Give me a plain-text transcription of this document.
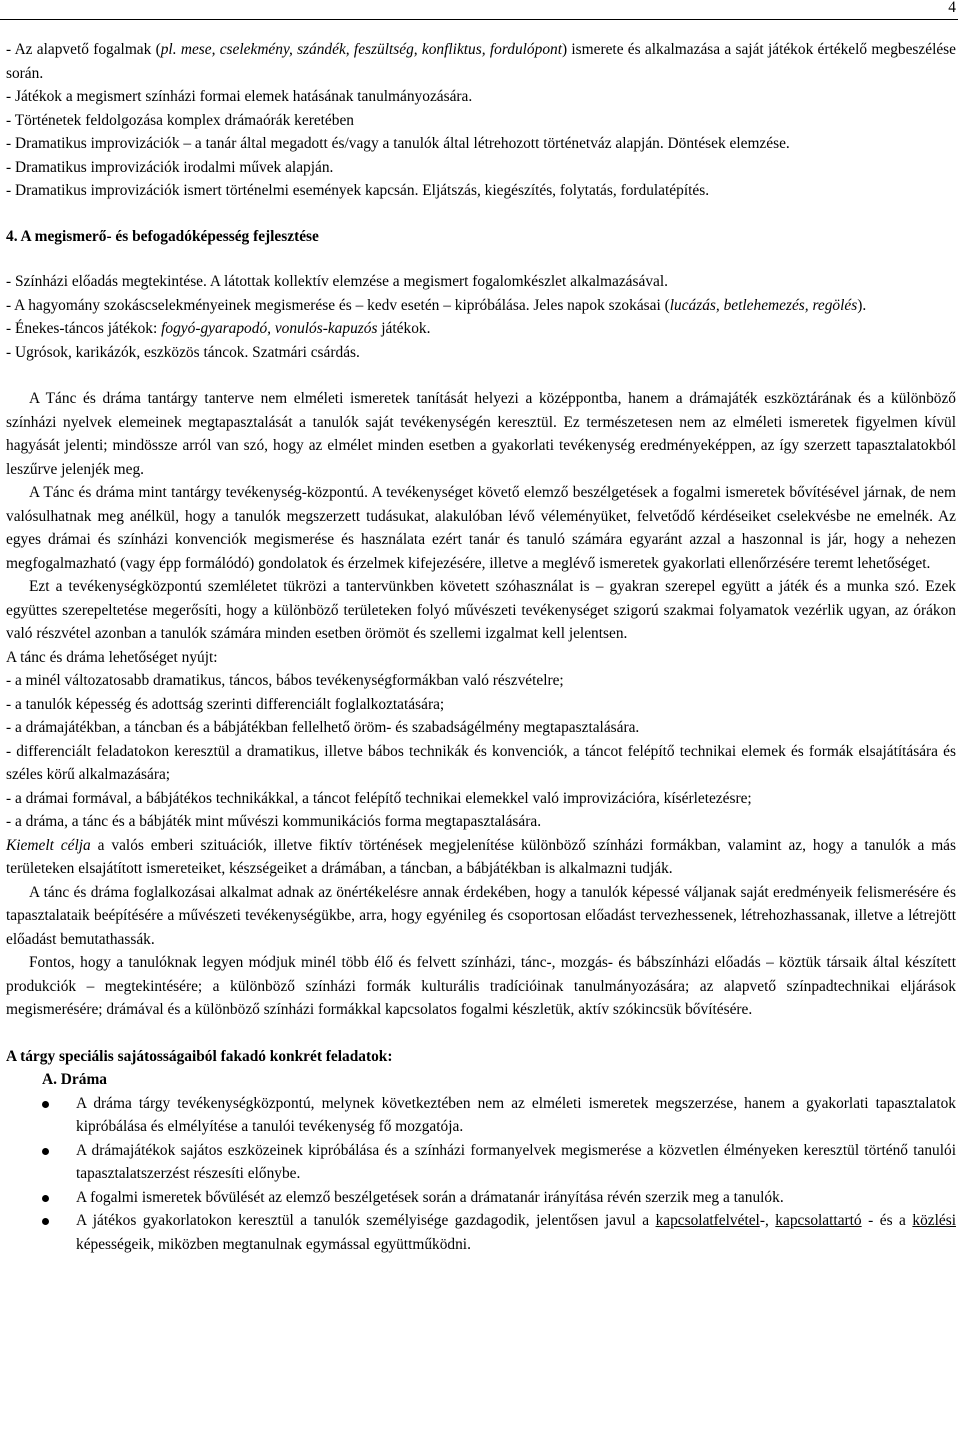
4

- Az alapvető fogalmak (pl. mese, cselekmény, szándék, feszültség, konfliktus, fordulópont) ismerete és alkalmazása a saját játékok értékelő megbeszélése során.

- Játékok a megismert színházi formai elemek hatásának tanulmányozására.

- Történetek feldolgozása komplex drámaórák keretében

- Dramatikus improvizációk – a tanár által megadott és/vagy a tanulók által létrehozott történetváz alapján. Döntések elemzése.

- Dramatikus improvizációk irodalmi művek alapján.

- Dramatikus improvizációk ismert történelmi események kapcsán. Eljátszás, kiegészítés, folytatás, fordulatépítés.

4. A megismerő- és befogadóképesség fejlesztése

- Színházi előadás megtekintése. A látottak kollektív elemzése a megismert fogalomkészlet alkalmazásával.

- A hagyomány szokáscselekményeinek megismerése és – kedv esetén – kipróbálása. Jeles napok szokásai (lucázás, betlehemezés, regölés).

- Énekes-táncos játékok: fogyó-gyarapodó, vonulós-kapuzós játékok.

- Ugrósok, karikázók, eszközös táncok. Szatmári csárdás.

A Tánc és dráma tantárgy tanterve nem elméleti ismeretek tanítását helyezi a középpontba, hanem a drámajáték eszköztárának és a különböző színházi nyelvek elemeinek megtapasztalását a tanulók saját tevékenységén keresztül. Ez természetesen nem az elméleti ismeretek figyelmen kívül hagyását jelenti; mindössze arról van szó, hogy az elmélet minden esetben a gyakorlati tevékenység eredményeképpen, az így szerzett tapasztalatokból leszűrve jelenjék meg.

A Tánc és dráma mint tantárgy tevékenység-központú. A tevékenységet követő elemző beszélgetések a fogalmi ismeretek bővítésével járnak, de nem valósulhatnak meg anélkül, hogy a tanulók megszerzett tudásukat, alakulóban lévő véleményüket, felvetődő kérdéseiket cselekvésbe ne emelnék. Az egyes drámai és színházi konvenciók megismerése és használata ezért tanár és tanuló számára egyaránt azzal a haszonnal is jár, hogy a nehezen megfogalmazható (vagy épp formálódó) gondolatok és érzelmek kifejezésére, illetve a meglévő ismeretek gyakorlati ellenőrzésére teremt lehetőséget.

Ezt a tevékenységközpontú szemléletet tükrözi a tantervünkben követett szóhasználat is – gyakran szerepel együtt a játék és a munka szó. Ezek együttes szerepeltetése megerősíti, hogy a különböző területeken folyó művészeti tevékenységet szigorú szakmai folyamatok vezérlik ugyan, az órákon való részvétel azonban a tanulók számára minden esetben örömöt és szellemi izgalmat kell jelentsen.

A tánc és dráma lehetőséget nyújt:

- a minél változatosabb dramatikus, táncos, bábos tevékenységformákban való részvételre;

- a tanulók képesség és adottság szerinti differenciált foglalkoztatására;

- a drámajátékban, a táncban és a bábjátékban fellelhető öröm- és szabadságélmény megtapasztalására.

- differenciált feladatokon keresztül a dramatikus, illetve bábos technikák és konvenciók, a táncot felépítő technikai elemek és formák elsajátítására és széles körű alkalmazására;

- a drámai formával, a bábjátékos technikákkal, a táncot felépítő technikai elemekkel való improvizációra, kísérletezésre;

- a dráma, a tánc és a bábjáték mint művészi kommunikációs forma megtapasztalására.

Kiemelt célja a valós emberi szituációk, illetve fiktív történések megjelenítése különböző színházi formákban, valamint az, hogy a tanulók a más területeken elsajátított ismereteiket, készségeiket a drámában, a táncban, a bábjátékban is alkalmazni tudják.

A tánc és dráma foglalkozásai alkalmat adnak az önértékelésre annak érdekében, hogy a tanulók képessé váljanak saját eredményeik felismerésére és tapasztalataik beépítésére a művészeti tevékenységükbe, arra, hogy egyénileg és csoportosan előadást tervezhessenek, létrehozhassanak, illetve a létrejött előadást bemutathassák.

Fontos, hogy a tanulóknak legyen módjuk minél több élő és felvett színházi, tánc-, mozgás- és bábszínházi előadás – köztük társaik által készített produkciók – megtekintésére; a különböző színházi formák kulturális tradícióinak tanulmányozására; az alapvető színpadtechnikai eljárások megismerésére; drámával és a különböző színházi formákkal kapcsolatos fogalmi készletük, aktív szókincsük bővítésére.

A tárgy speciális sajátosságaiból fakadó konkrét feladatok:

A. Dráma

A dráma tárgy tevékenységközpontú, melynek következtében nem az elméleti ismeretek megszerzése, hanem a gyakorlati tapasztalatok kipróbálása és elmélyítése a tanulói tevékenység fő mozgatója.
A drámajátékok sajátos eszközeinek kipróbálása és a színházi formanyelvek megismerése a közvetlen élményeken keresztül történő tanulói tapasztalatszerzést részesíti előnybe.
A fogalmi ismeretek bővülését az elemző beszélgetések során a drámatanár irányítása révén szerzik meg a tanulók.
A játékos gyakorlatokon keresztül a tanulók személyisége gazdagodik, jelentősen javul a kapcsolatfelvétel-, kapcsolattartó - és a közlési képességeik, miközben megtanulnak egymással együttműködni.
